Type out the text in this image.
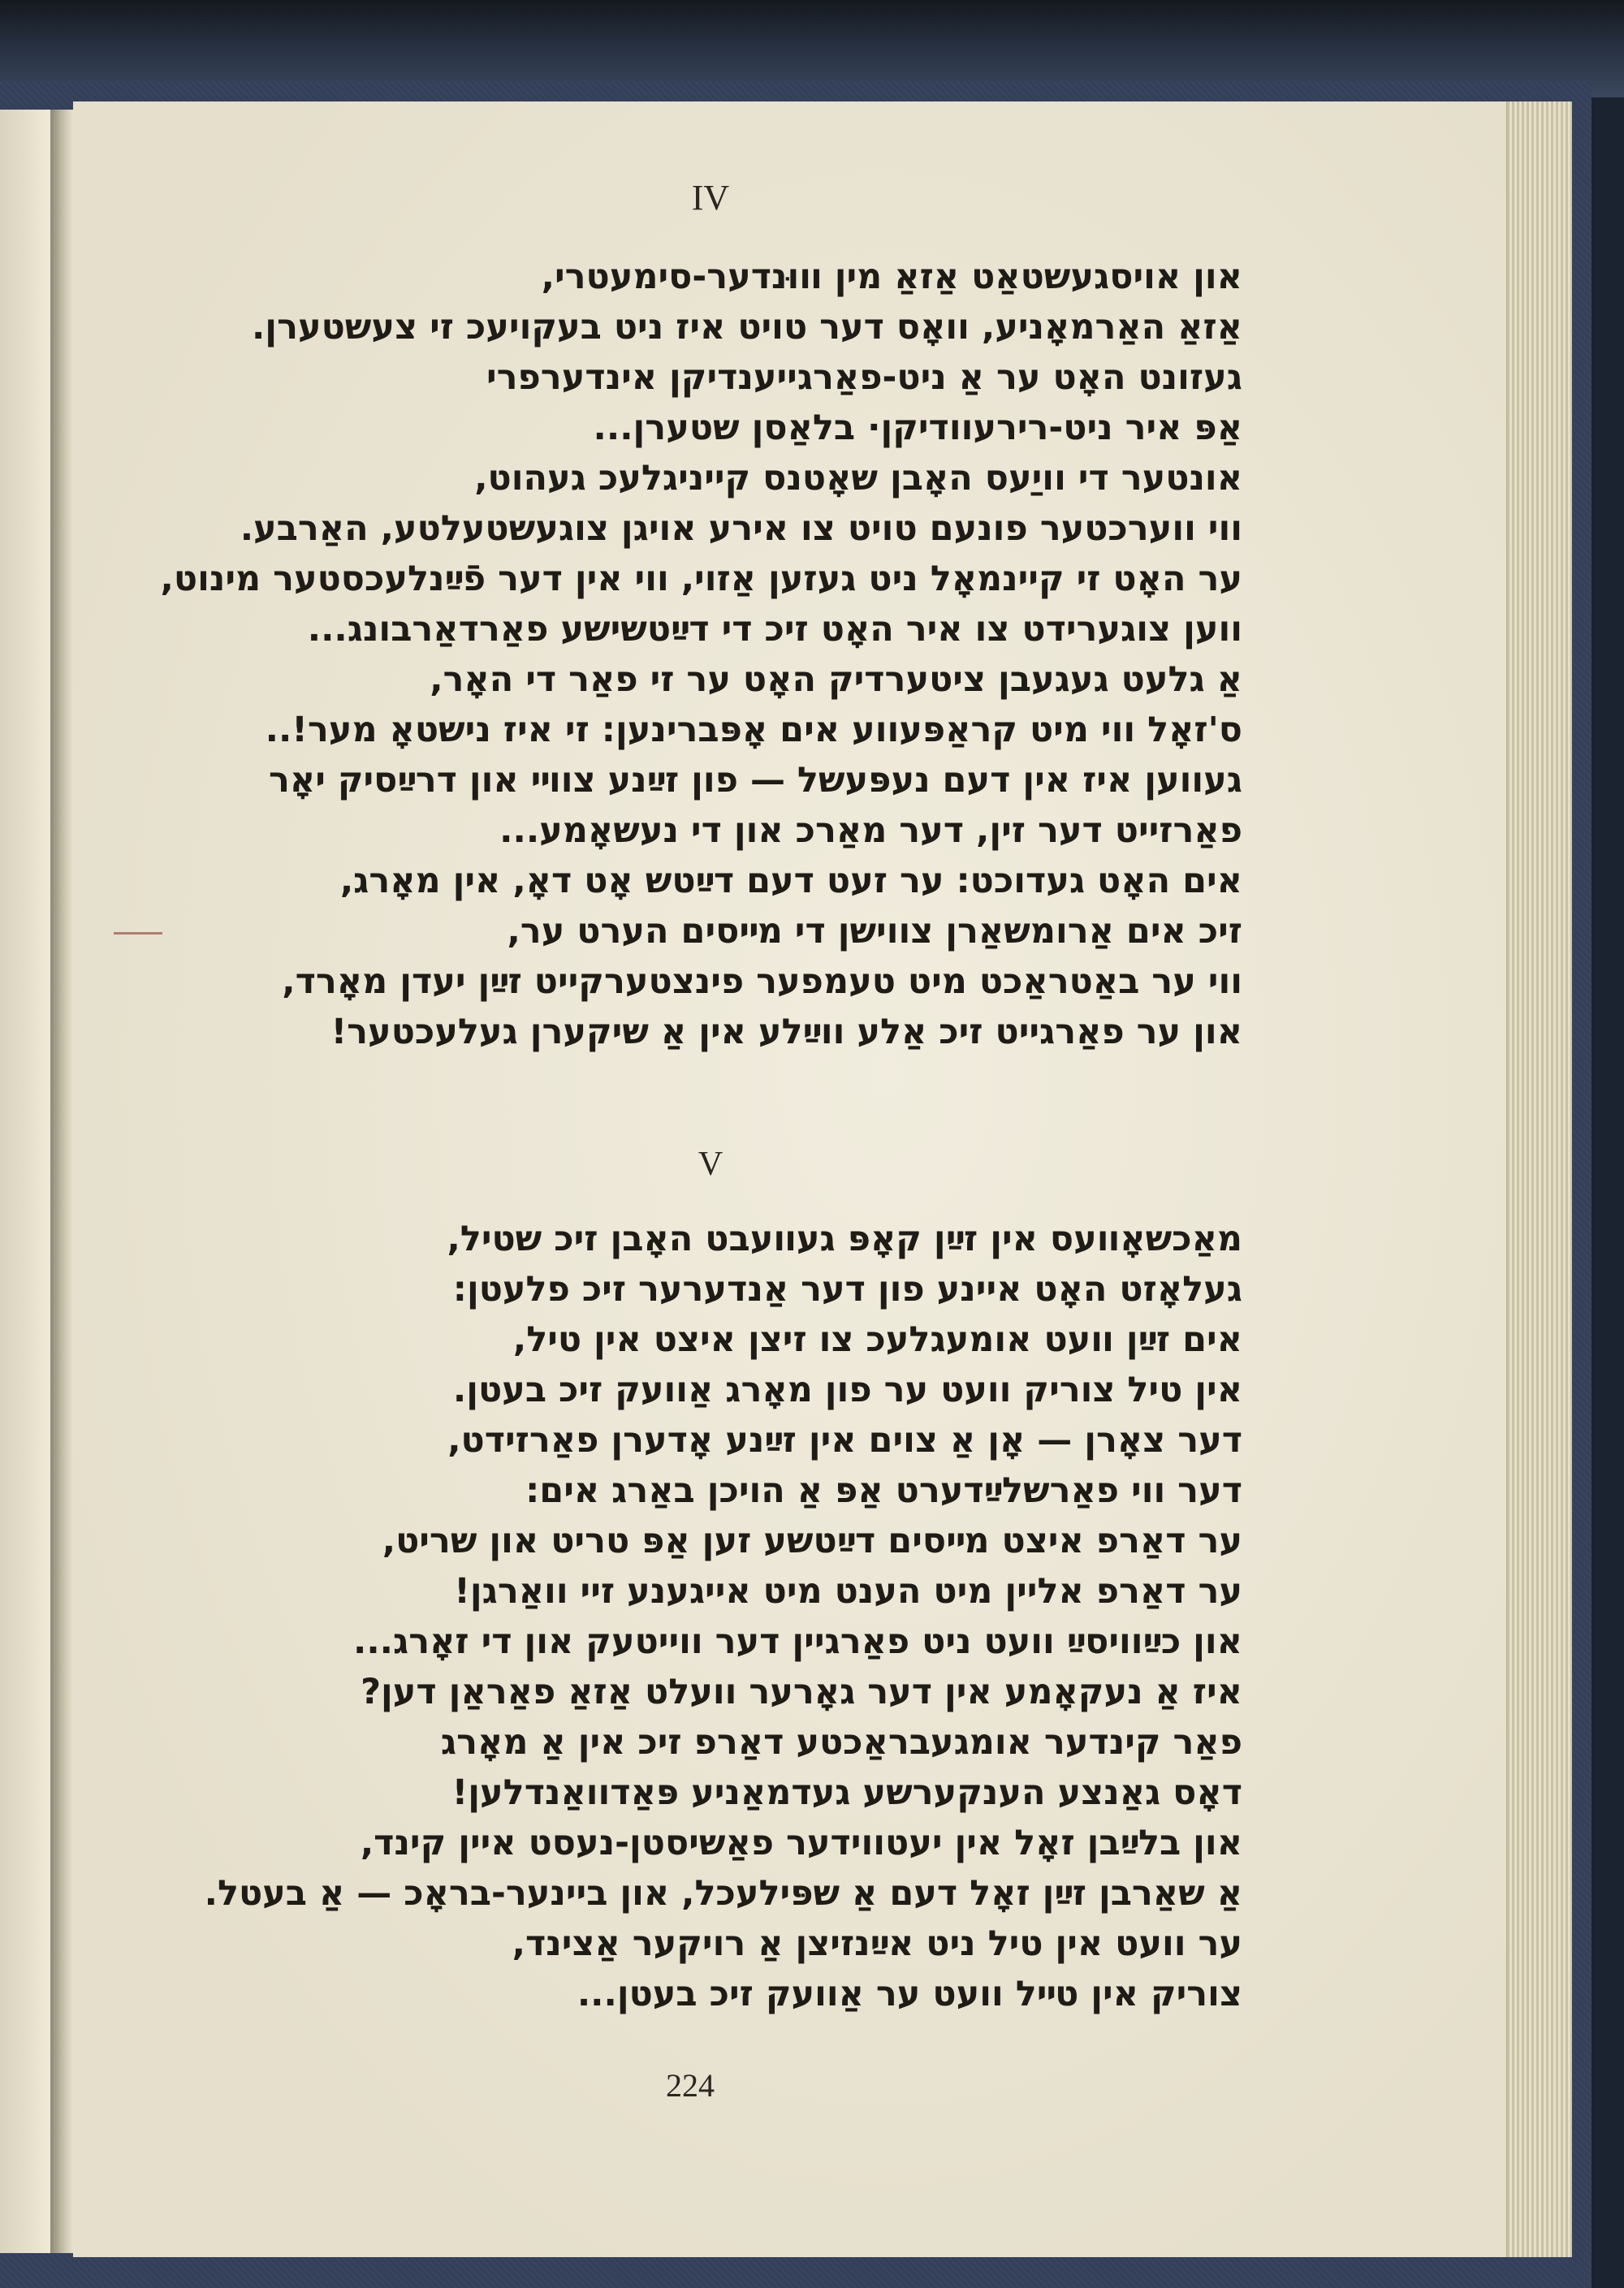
IV
און אויסגעשטאַט אַזאַ מין װוּנדער-סימעטרי,
אַזאַ האַרמאָניע, וואָס דער טויט איז ניט בעקויעכ זי צעשטערן.
געזונט האָט ער אַ ניט-פאַרגייענדיקן אינדערפרי
אַפּ איר ניט-רירעוודיקן· בלאַסן שטערן...
אונטער די וויַעס האָבן שאָטנס קייניגלעכ געהוט,
ווי ווערכטער פונעם טויט צו אירע אויגן צוגעשטעלטע, האַרבע.
ער האָט זי קיינמאָל ניט געזען אַזוי, ווי אין דער פֿײַנלעכסטער מינוט,
ווען צוגערידט צו איר האָט זיכ די דײַטשישע פאַרדאַרבונג...
אַ גלעט געגעבן ציטערדיק האָט ער זי פאַר די האָר,
ס'זאָל ווי מיט קראַפּעווע אים אָפּברינען: זי איז נישטאָ מער!..
געווען איז אין דעם נעפּעשל — פון זײַנע צווײ און דרײַסיק יאָר
פאַרזייט דער זין, דער מאַרכ און די נעשאָמע...
אים האָט געדוכט: ער זעט דעם דײַטש אָט דאָ, אין מאָרג,
זיכ אים אַרומשאַרן צווישן די מײסים הערט ער,
ווי ער באַטראַכט מיט טעמפער פינצטערקייט זײַן יעדן מאָרד,
און ער פאַרגייט זיכ אַלע ווײַלע אין אַ שיקערן געלעכטער!
V
מאַכשאָװעס אין זײַן קאָפּ געװעבט האָבן זיכ שטיל,
געלאָזט האָט איינע פון דער אַנדערער זיכ פלעטן:
אים זײַן װעט אומעגלעכ צו זיצן איצט אין טיל,
אין טיל צוריק וועט ער פון מאָרג אַוועק זיכ בעטן.
דער צאָרן — אָן אַ צוים אין זײַנע אָדערן פאַרזידט,
דער ווי פאַרשלײַדערט אַפּ אַ הויכן באַרג אים:
ער דאַרפ איצט מײסים דײַטשע זען אַפּ טריט און שריט,
ער דאַרפ אליין מיט הענט מיט אייגענע זיי וואַרגן!
און כײַוויסײַ וועט ניט פאַרגיין דער ווייטעק און די זאָרג...
איז אַ נעקאָמע אין דער גאָרער וועלט אַזאַ פאַראַן דען?
פאַר קינדער אומגעבראַכטע דאַרפ זיכ אין אַ מאָרג
דאָס גאַנצע הענקערשע געדמאַניע פּאַדוואַנדלען!
און בלײַבן זאָל אין יעטווידער פאַשיסטן-נעסט איין קינד,
אַ שאַרבן זײַן זאָל דעם אַ שפּילעכל, און ביינער-בראָכ — אַ בעטל.
ער וועט אין טיל ניט אײַנזיצן אַ רויקער אַצינד,
צוריק אין טײל וועט ער אַוועק זיכ בעטן...
224
